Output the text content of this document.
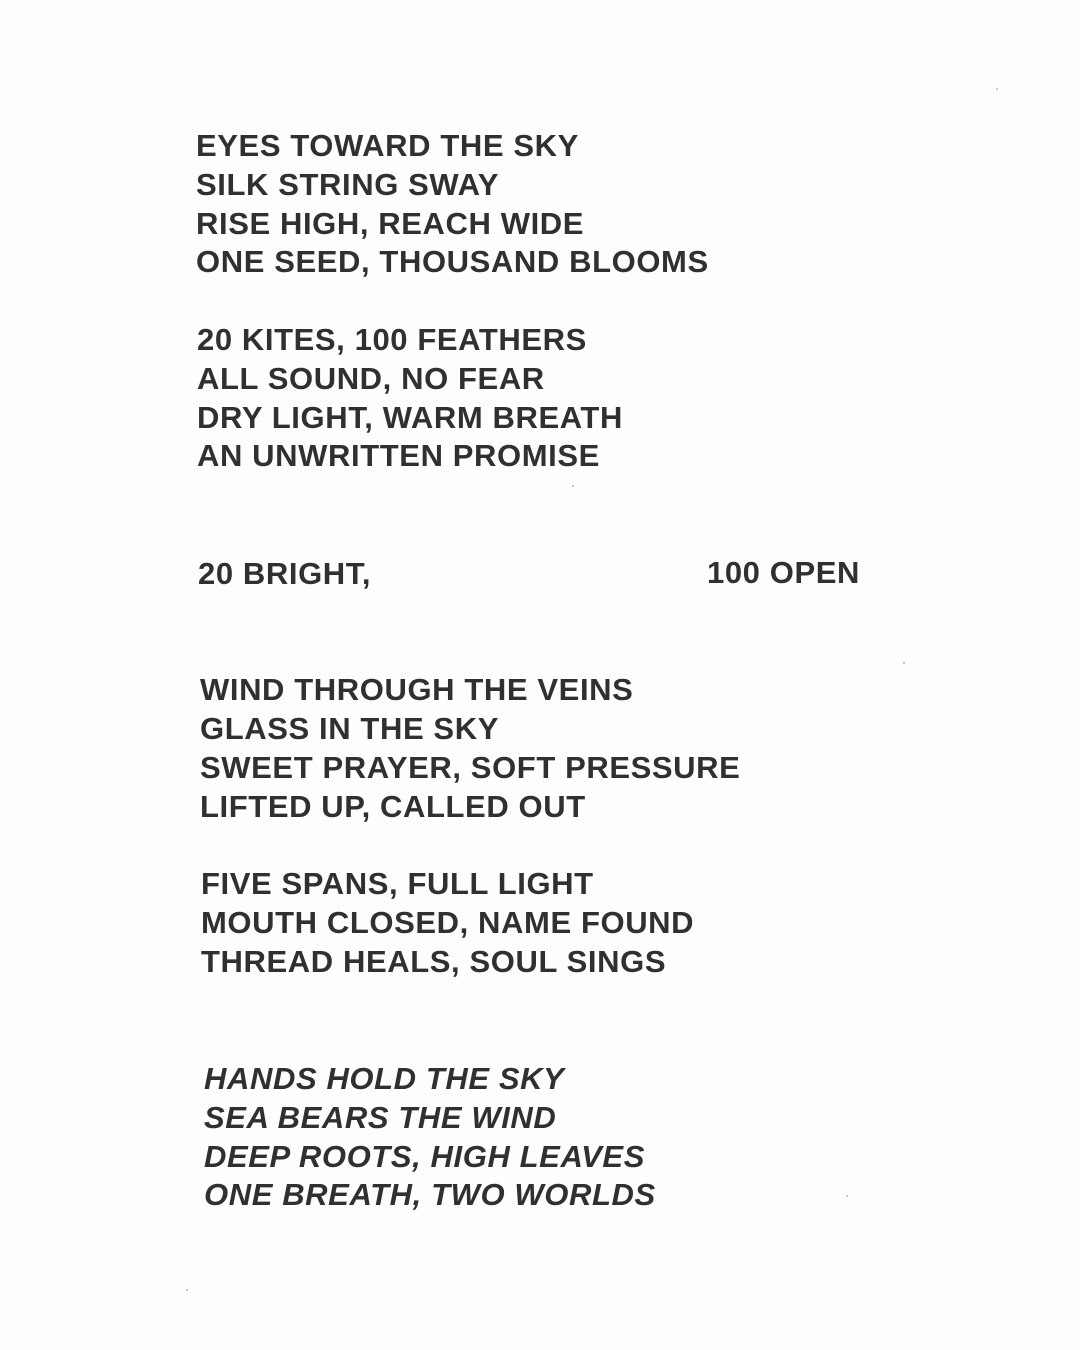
EYES TOWARD THE SKY

SILK STRING SWAY

RISE HIGH, REACH WIDE

ONE SEED, THOUSAND BLOOMS

20 KITES, 100 FEATHERS

ALL SOUND, NO FEAR

DRY LIGHT, WARM BREATH

AN UNWRITTEN PROMISE

20 BRIGHT,	100 OPEN

WIND THROUGH THE VEINS

GLASS IN THE SKY

SWEET PRAYER, SOFT PRESSURE

LIFTED UP, CALLED OUT

FIVE SPANS, FULL LIGHT

MOUTH CLOSED, NAME FOUND

THREAD HEALS, SOUL SINGS

HANDS HOLD THE SKY

SEA BEARS THE WIND

DEEP ROOTS, HIGH LEAVES

ONE BREATH, TWO WORLDS
